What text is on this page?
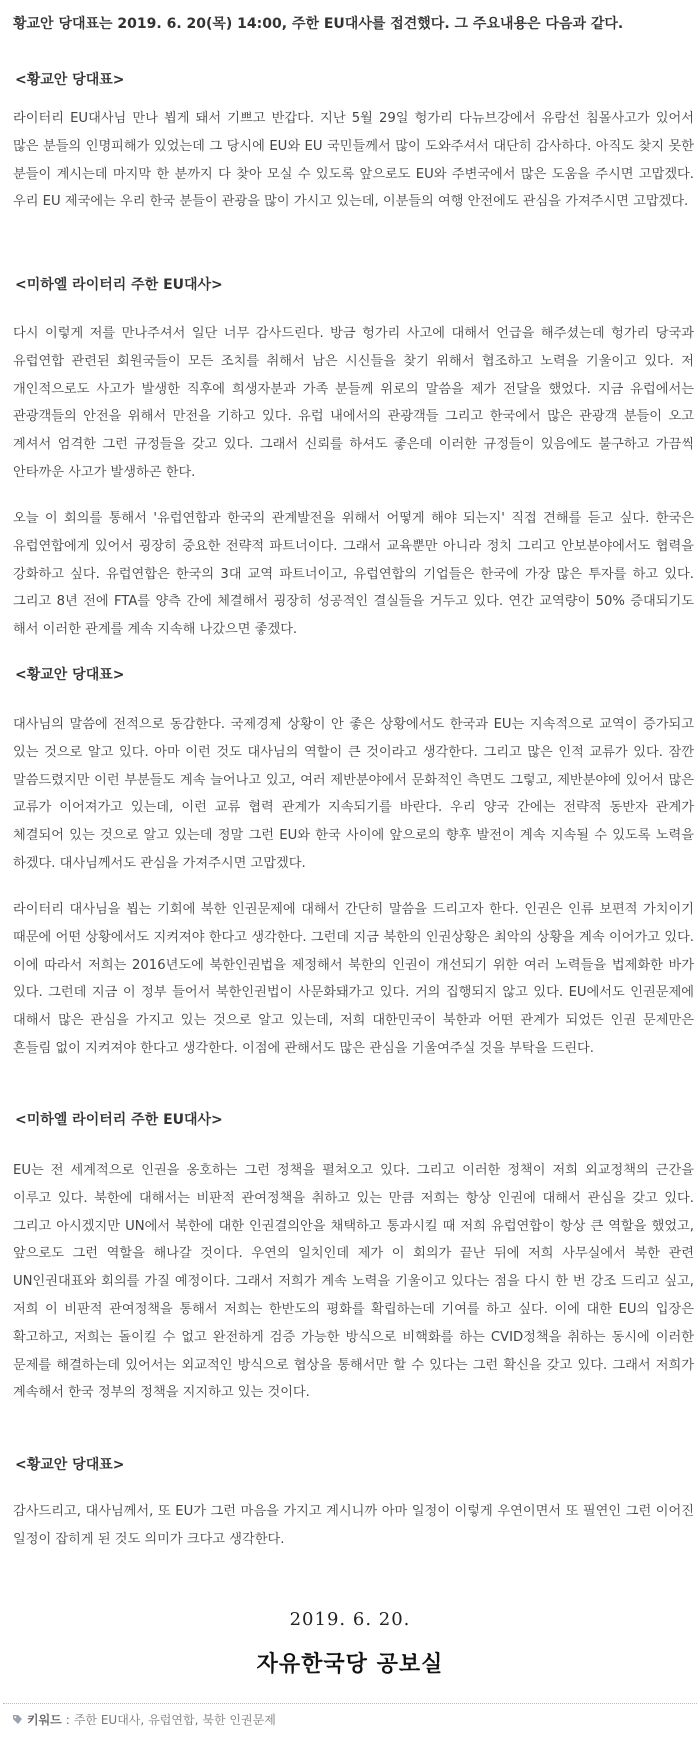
황교안 당대표는 2019. 6. 20(목) 14:00, 주한 EU대사를 접견했다. 그 주요내용은 다음과 같다.

<황교안 당대표>

라이터리 EU대사님 만나 뵙게 돼서 기쁘고 반갑다. 지난 5월 29일 헝가리 다뉴브강에서 유람선 침몰사고가 있어서 많은 분들의 인명피해가 있었는데 그 당시에 EU와 EU 국민들께서 많이 도와주셔서 대단히 감사하다. 아직도 찾지 못한 분들이 계시는데 마지막 한 분까지 다 찾아 모실 수 있도록 앞으로도 EU와 주변국에서 많은 도움을 주시면 고맙겠다. 우리 EU 제국에는 우리 한국 분들이 관광을 많이 가시고 있는데, 이분들의 여행 안전에도 관심을 가져주시면 고맙겠다.

<미하엘 라이터리 주한 EU대사>

다시 이렇게 저를 만나주셔서 일단 너무 감사드린다. 방금 헝가리 사고에 대해서 언급을 해주셨는데 헝가리 당국과 유럽연합 관련된 회원국들이 모든 조치를 취해서 남은 시신들을 찾기 위해서 협조하고 노력을 기울이고 있다. 저 개인적으로도 사고가 발생한 직후에 희생자분과 가족 분들께 위로의 말씀을 제가 전달을 했었다. 지금 유럽에서는 관광객들의 안전을 위해서 만전을 기하고 있다. 유럽 내에서의 관광객들 그리고 한국에서 많은 관광객 분들이 오고 계셔서 엄격한 그런 규정들을 갖고 있다. 그래서 신뢰를 하셔도 좋은데 이러한 규정들이 있음에도 불구하고 가끔씩 안타까운 사고가 발생하곤 한다.

오늘 이 회의를 통해서 '유럽연합과 한국의 관계발전을 위해서 어떻게 해야 되는지' 직접 견해를 듣고 싶다. 한국은 유럽연합에게 있어서 굉장히 중요한 전략적 파트너이다. 그래서 교육뿐만 아니라 정치 그리고 안보분야에서도 협력을 강화하고 싶다. 유럽연합은 한국의 3대 교역 파트너이고, 유럽연합의 기업들은 한국에 가장 많은 투자를 하고 있다. 그리고 8년 전에 FTA를 양측 간에 체결해서 굉장히 성공적인 결실들을 거두고 있다. 연간 교역량이 50% 증대되기도 해서 이러한 관계를 계속 지속해 나갔으면 좋겠다.

<황교안 당대표>

대사님의 말씀에 전적으로 동감한다. 국제경제 상황이 안 좋은 상황에서도 한국과 EU는 지속적으로 교역이 증가되고 있는 것으로 알고 있다. 아마 이런 것도 대사님의 역할이 큰 것이라고 생각한다. 그리고 많은 인적 교류가 있다. 잠깐 말씀드렸지만 이런 부분들도 계속 늘어나고 있고, 여러 제반분야에서 문화적인 측면도 그렇고, 제반분야에 있어서 많은 교류가 이어져가고 있는데, 이런 교류 협력 관계가 지속되기를 바란다. 우리 양국 간에는 전략적 동반자 관계가 체결되어 있는 것으로 알고 있는데 정말 그런 EU와 한국 사이에 앞으로의 향후 발전이 계속 지속될 수 있도록 노력을 하겠다. 대사님께서도 관심을 가져주시면 고맙겠다.

라이터리 대사님을 뵙는 기회에 북한 인권문제에 대해서 간단히 말씀을 드리고자 한다. 인권은 인류 보편적 가치이기 때문에 어떤 상황에서도 지켜져야 한다고 생각한다. 그런데 지금 북한의 인권상황은 최악의 상황을 계속 이어가고 있다. 이에 따라서 저희는 2016년도에 북한인권법을 제정해서 북한의 인권이 개선되기 위한 여러 노력들을 법제화한 바가 있다. 그런데 지금 이 정부 들어서 북한인권법이 사문화돼가고 있다. 거의 집행되지 않고 있다. EU에서도 인권문제에 대해서 많은 관심을 가지고 있는 것으로 알고 있는데, 저희 대한민국이 북한과 어떤 관계가 되었든 인권 문제만은 흔들림 없이 지켜져야 한다고 생각한다. 이점에 관해서도 많은 관심을 기울여주실 것을 부탁을 드린다.

<미하엘 라이터리 주한 EU대사>

EU는 전 세계적으로 인권을 옹호하는 그런 정책을 펼쳐오고 있다. 그리고 이러한 정책이 저희 외교정책의 근간을 이루고 있다. 북한에 대해서는 비판적 관여정책을 취하고 있는 만큼 저희는 항상 인권에 대해서 관심을 갖고 있다. 그리고 아시겠지만 UN에서 북한에 대한 인권결의안을 채택하고 통과시킬 때 저희 유럽연합이 항상 큰 역할을 했었고, 앞으로도 그런 역할을 해나갈 것이다. 우연의 일치인데 제가 이 회의가 끝난 뒤에 저희 사무실에서 북한 관련 UN인권대표와 회의를 가질 예정이다. 그래서 저희가 계속 노력을 기울이고 있다는 점을 다시 한 번 강조 드리고 싶고, 저희 이 비판적 관여정책을 통해서 저희는 한반도의 평화를 확립하는데 기여를 하고 싶다. 이에 대한 EU의 입장은 확고하고, 저희는 돌이킬 수 없고 완전하게 검증 가능한 방식으로 비핵화를 하는 CVID정책을 취하는 동시에 이러한 문제를 해결하는데 있어서는 외교적인 방식으로 협상을 통해서만 할 수 있다는 그런 확신을 갖고 있다. 그래서 저희가 계속해서 한국 정부의 정책을 지지하고 있는 것이다.

<황교안 당대표>

감사드리고, 대사님께서, 또 EU가 그런 마음을 가지고 계시니까 아마 일정이 이렇게 우연이면서 또 필연인 그런 이어진 일정이 잡히게 된 것도 의미가 크다고 생각한다.

2019. 6. 20.

자유한국당 공보실

키워드 : 주한 EU대사 , 유럽연합 , 북한 인권문제
